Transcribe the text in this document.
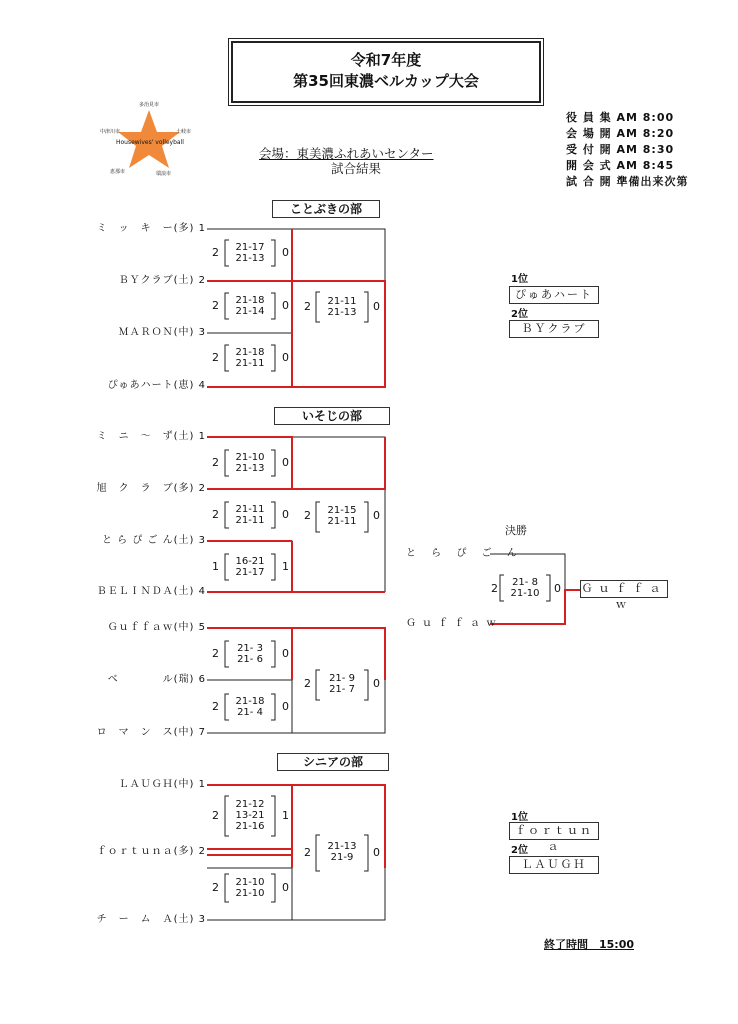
令和7年度
第35回東濃ベルカップ大会
多治見市
中津川市	土岐市
Housewives' volleyball
恵那市	瑞浪市
会場：東美濃ふれあいセンター
試合結果
役 員 集 AM 8:00
会 場 開 AM 8:20
受 付 開 AM 8:30
開 会 式 AM 8:45
試 合 開 準備出来次第
ことぶきの部
ミ　ッ　キ　ー(多) 1
ＢＹクラブ(土) 2
ＭＡＲＯＮ(中) 3
ぴゅあハート(恵) 4
2	21-17
21-13	0
2	21-18
21-14	0
2	21-18
21-11	0
2	21-11
21-13	0
1位
ぴゅあハート
2位
ＢＹクラブ
いそじの部
ミ　ニ　～　ず(土) 1
旭　ク　ラ　ブ(多) 2
と ら ぴ ご ん(土) 3
ＢＥＬＩＮＤＡ(土) 4
Ｇｕｆｆａｗ(中) 5
ベ　　　　ル(瑞) 6
ロ　マ　ン　ス(中) 7
2	21-10
21-13	0
2	21-11
21-11	0
1	16-21
21-17	1
2	21-15
21-11	0
2	21- 3
21- 6	0
2	21-18
21- 4	0
2	21- 9
21- 7	0
決勝
と ら ぴ ご ん
Ｇｕｆｆａｗ
2	21- 8
21-10	0 Ｇｕｆｆａｗ
シニアの部
ＬＡＵＧＨ(中) 1
ｆｏｒｔｕｎａ(多) 2
チ　ー　ム　Ａ(土) 3
2
21-12
13-21
21-16
1
2	21-10
21-10	0
2	21-13
21-9	0
1位
ｆｏｒｔｕｎａ
2位
ＬＡＵＧＨ
終了時間　15:00
